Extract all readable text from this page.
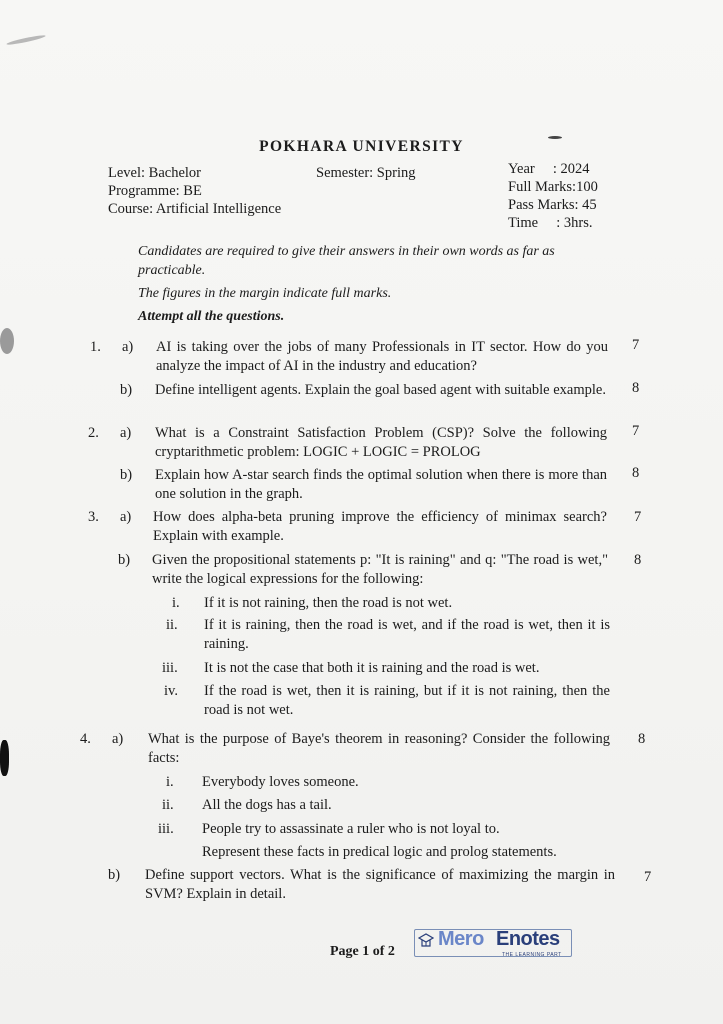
POKHARA UNIVERSITY
Level: Bachelor
Programme: BE
Course: Artificial Intelligence
Semester: Spring	Year     : 2024
Full Marks:100
Pass Marks: 45
Time     : 3hrs.
Candidates are required to give their answers in their own words as far as practicable.
The figures in the margin indicate full marks.
Attempt all the questions.
1. a) AI is taking over the jobs of many Professionals in IT sector. How do you analyze the impact of AI in the industry and education?
7
b) Define intelligent agents. Explain the goal based agent with suitable example. 8
2. a) What is a Constraint Satisfaction Problem (CSP)? Solve the following cryptarithmetic problem: LOGIC + LOGIC = PROLOG
7
b) Explain how A-star search finds the optimal solution when there is more than one solution in the graph.
8
3. a) How does alpha-beta pruning improve the efficiency of minimax search? Explain with example.
7
b) Given the propositional statements p: "It is raining" and q: "The road is wet," write the logical expressions for the following:
8
i. If it is not raining, then the road is not wet.
ii. If it is raining, then the road is wet, and if the road is wet, then it is raining.
iii. It is not the case that both it is raining and the road is wet.
iv. If the road is wet, then it is raining, but if it is not raining, then the road is not wet.
4. a) What is the purpose of Baye's theorem in reasoning? Consider the following facts:
8
i. Everybody loves someone.
ii. All the dogs has a tail.
iii. People try to assassinate a ruler who is not loyal to.
Represent these facts in predical logic and prolog statements.
b) Define support vectors. What is the significance of maximizing the margin in SVM? Explain in detail.
7
Page 1 of 2
Mero Enotes
THE LEARNING PART
